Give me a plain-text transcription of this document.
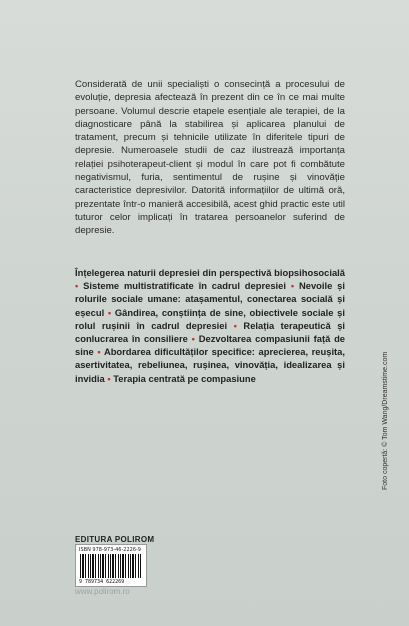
Considerată de unii specialiști o consecință a procesului de evoluție, depresia afectează în prezent din ce în ce mai multe persoane. Volumul descrie etapele esențiale ale terapiei, de la diagnosticare până la stabilirea și aplicarea planului de tratament, precum și tehnicile utilizate în diferitele tipuri de depresie. Numeroasele studii de caz ilustrează importanța relației psihoterapeut-client și modul în care pot fi combătute negativismul, furia, sentimentul de rușine și vinovăție caracteristice depresivilor. Datorită informațiilor de ultimă oră, prezentate într-o manieră accesibilă, acest ghid practic este util tuturor celor implicați în tratarea persoanelor suferind de depresie.

Înțelegerea naturii depresiei din perspectivă biopsihosocială • Sisteme multistratificate în cadrul depresiei • Nevoile și rolurile sociale umane: atașamentul, conectarea socială și eșecul • Gândirea, conștiința de sine, obiectivele sociale și rolul rușinii în cadrul depresiei • Relația terapeutică și conlucrarea în consiliere • Dezvoltarea compasiunii față de sine • Abordarea dificultăților specifice: aprecierea, reușita, asertivitatea, rebeliunea, rușinea, vinovăția, idealizarea și invidia • Terapia centrată pe compasiune	Foto copertă: © Tom Wang/Dreamstime.com
EDITURA POLIROM
ISBN 978-973-46-2226-9
9 789734 622269
www.polirom.ro
